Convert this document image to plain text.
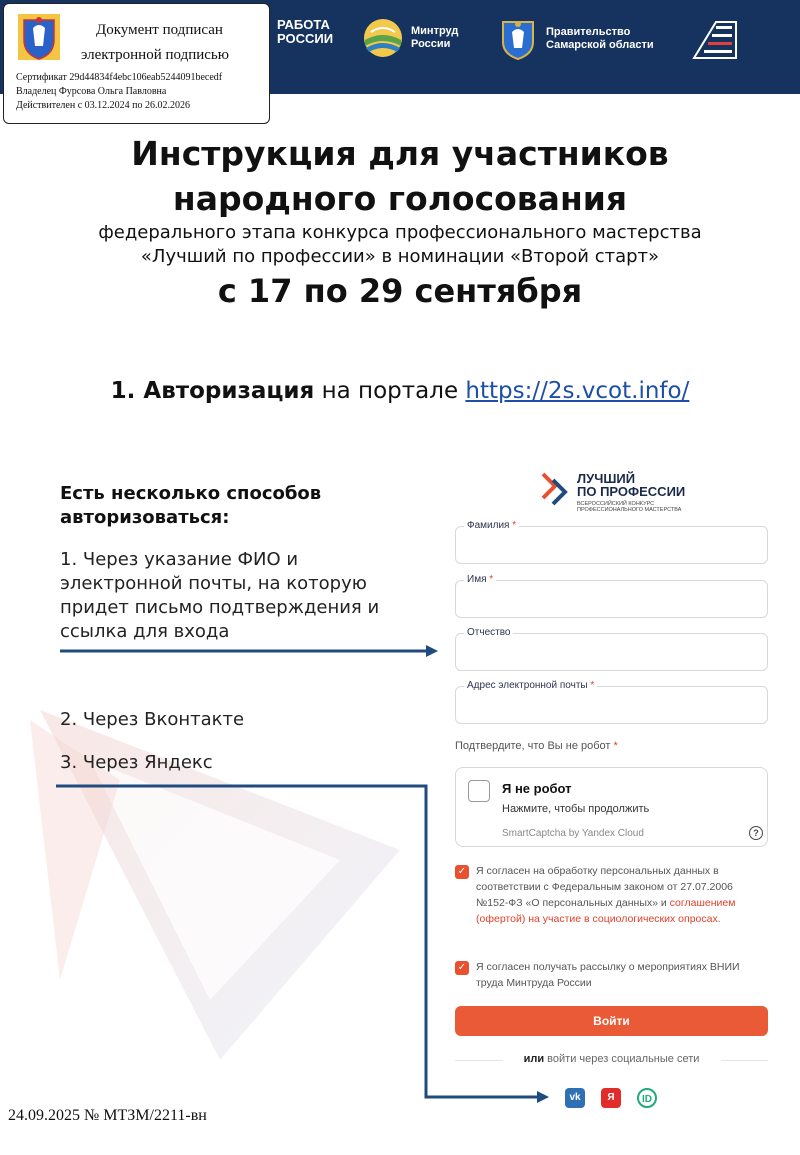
РАБОТА
РОССИИ	Минтруд
России
Правительство
Самарской области
Документ подписан
электронной подписью
Сертификат 29d44834f4ebc106eab5244091becedf
Владелец Фурсова Ольга Павловна
Действителен с 03.12.2024 по 26.02.2026
Инструкция для участников
народного голосования
федерального этапа конкурса профессионального мастерства
«Лучший по профессии» в номинации «Второй старт»
с 17 по 29 сентября
1. Авторизация на портале https://2s.vcot.info/
Есть несколько способов авторизоваться:
1. Через указание ФИО и электронной почты, на которую придет письмо подтверждения и ссылка для входа
2. Через Вконтакте
3. Через Яндекс
ЛУЧШИЙ
ПО ПРОФЕССИИ
ВСЕРОССИЙСКИЙ КОНКУРС ПРОФЕССИОНАЛЬНОГО МАСТЕРСТВА
Фамилия *
Имя *
Отчество
Адрес электронной почты *
Подтвердите, что Вы не робот *
Я не робот
Нажмите, чтобы продолжить
SmartCaptcha by Yandex Cloud	?
✓ Я согласен на обработку персональных данных в соответствии с Федеральным законом от 27.07.2006 №152-ФЗ «О персональных данных» и соглашением (офертой) на участие в социологических опросах.
✓ Я согласен получать рассылку о мероприятиях ВНИИ труда Минтруда России
Войти
или войти через социальные сети
vk	Я	ID
24.09.2025 № МТЗМ/2211-вн
